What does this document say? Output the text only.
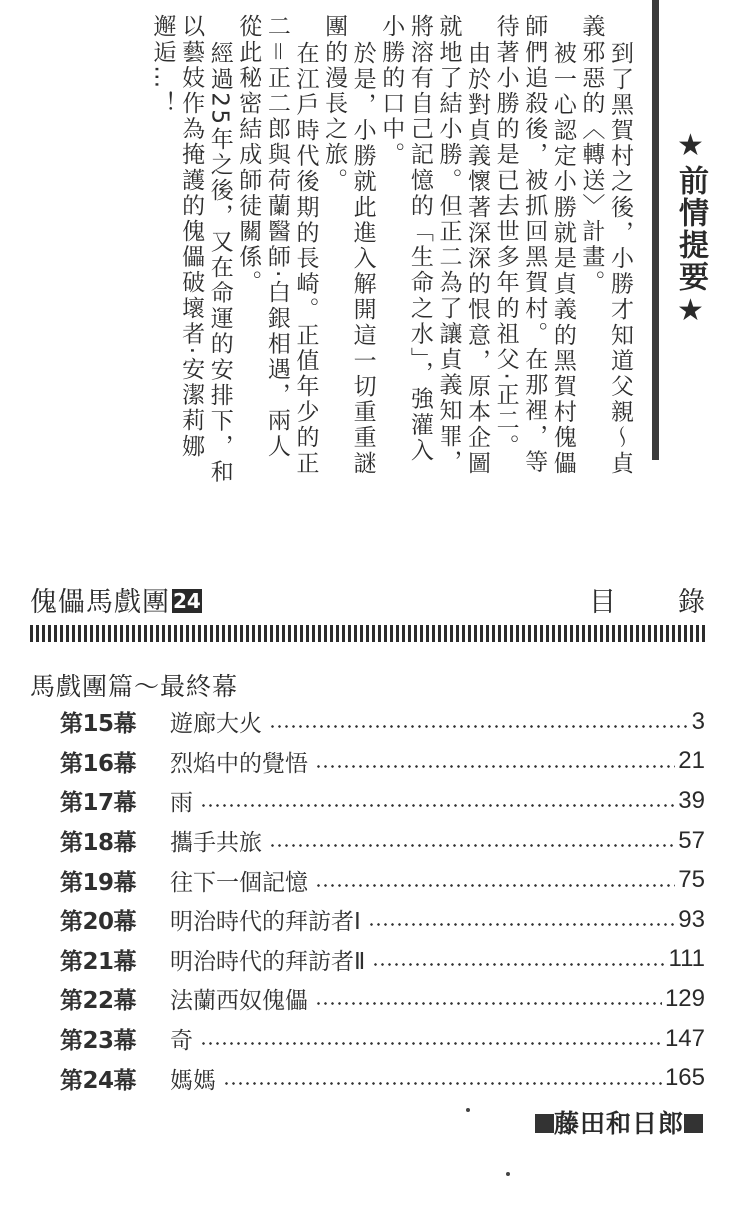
★前情提要★
到了黑賀村之後，小勝才知道父親～貞
義邪惡的〈轉送〉計畫。
被一心認定小勝就是貞義的黑賀村傀儡
師們追殺後，被抓回黑賀村。在那裡，等
待著小勝的是已去世多年的祖父‧正二。
由於對貞義懷著深深的恨意，原本企圖
就地了結小勝。但正二為了讓貞義知罪，
將溶有自己記憶的「生命之水」，強灌入
小勝的口中。
於是，小勝就此進入解開這一切重重謎
團的漫長之旅。
在江戶時代後期的長崎。正值年少的正
二＝正二郎與荷蘭醫師‧白銀相遇，兩人
從此秘密結成師徒關係。
經過25年之後，又在命運的安排下，和
以藝妓作為掩護的傀儡破壞者‧安潔莉娜
邂逅…！
傀儡馬戲團 24	目 錄
馬戲團篇～最終幕
第15幕	遊廊大火	3
第16幕	烈焰中的覺悟	21
第17幕	雨	39
第18幕	攜手共旅	57
第19幕	往下一個記憶	75
第20幕	明治時代的拜訪者Ⅰ	93
第21幕	明治時代的拜訪者Ⅱ	111
第22幕	法蘭西奴傀儡	129
第23幕	奇	147
第24幕	媽媽	165
藤田和日郎
